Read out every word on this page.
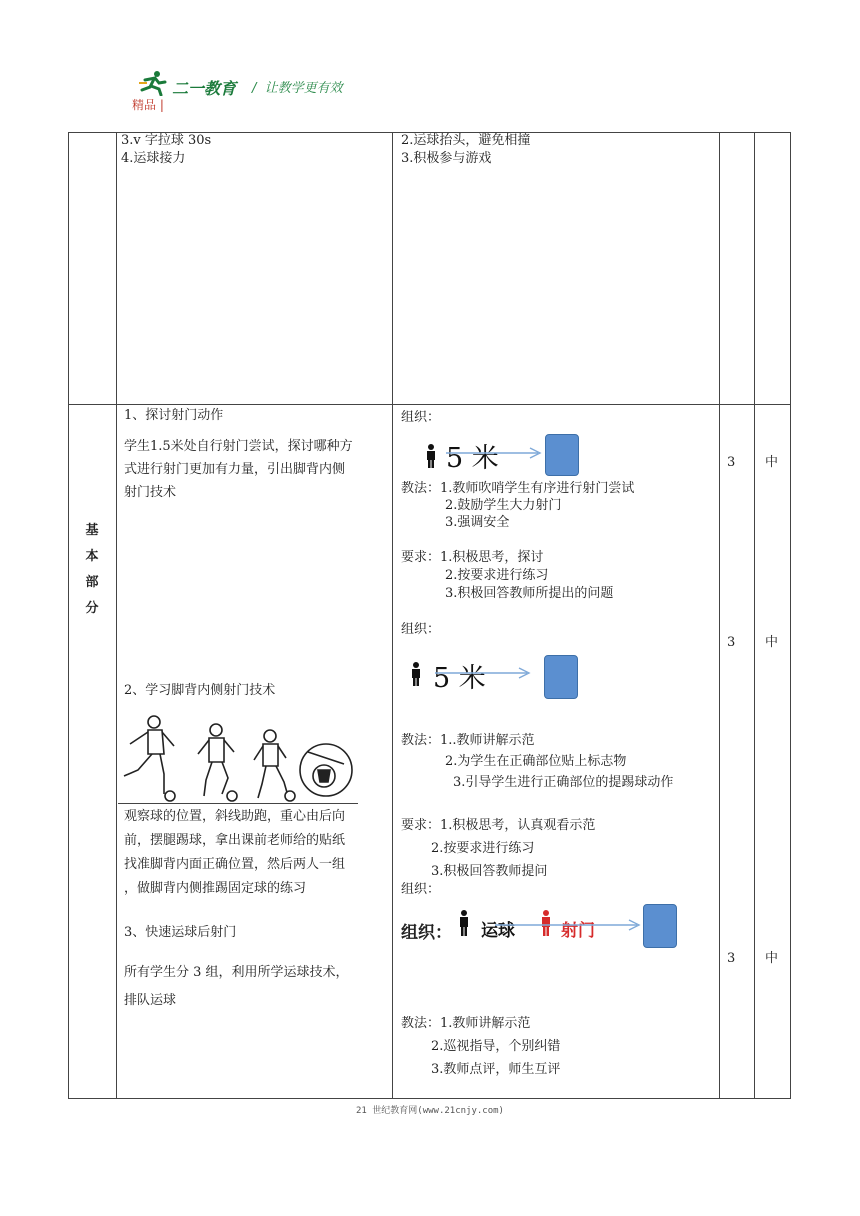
二一教育 /  让教学更有效
精品 |
3.v 字拉球 30s
4.运球接力
2.运球抬头，避免相撞
3.积极参与游戏
基
本
部
分
1、探讨射门动作
学生1.5米处自行射门尝试，探讨哪种方
式进行射门更加有力量，引出脚背内侧
射门技术
2、学习脚背内侧射门技术
观察球的位置，斜线助跑，重心由后向
前，摆腿踢球，拿出课前老师给的贴纸
找准脚背内面正确位置，然后两人一组
，做脚背内侧推踢固定球的练习
3、快速运球后射门
所有学生分 3 组，利用所学运球技术，
排队运球
组织：
5 米
教法：1.教师吹哨学生有序进行射门尝试
2.鼓励学生大力射门
3.强调安全
要求：1.积极思考，探讨
2.按要求进行练习
3.积极回答教师所提出的问题
组织：
5 米
教法：1..教师讲解示范
2.为学生在正确部位贴上标志物
3.引导学生进行正确部位的提踢球动作
要求：1.积极思考，认真观看示范
2.按要求进行练习
3.积极回答教师提问
组织：
组织： 运球	射门
教法：1.教师讲解示范
2.巡视指导，个别纠错
3.教师点评，师生互评
3
3
3
中
中
中
21 世纪教育网(www.21cnjy.com)
